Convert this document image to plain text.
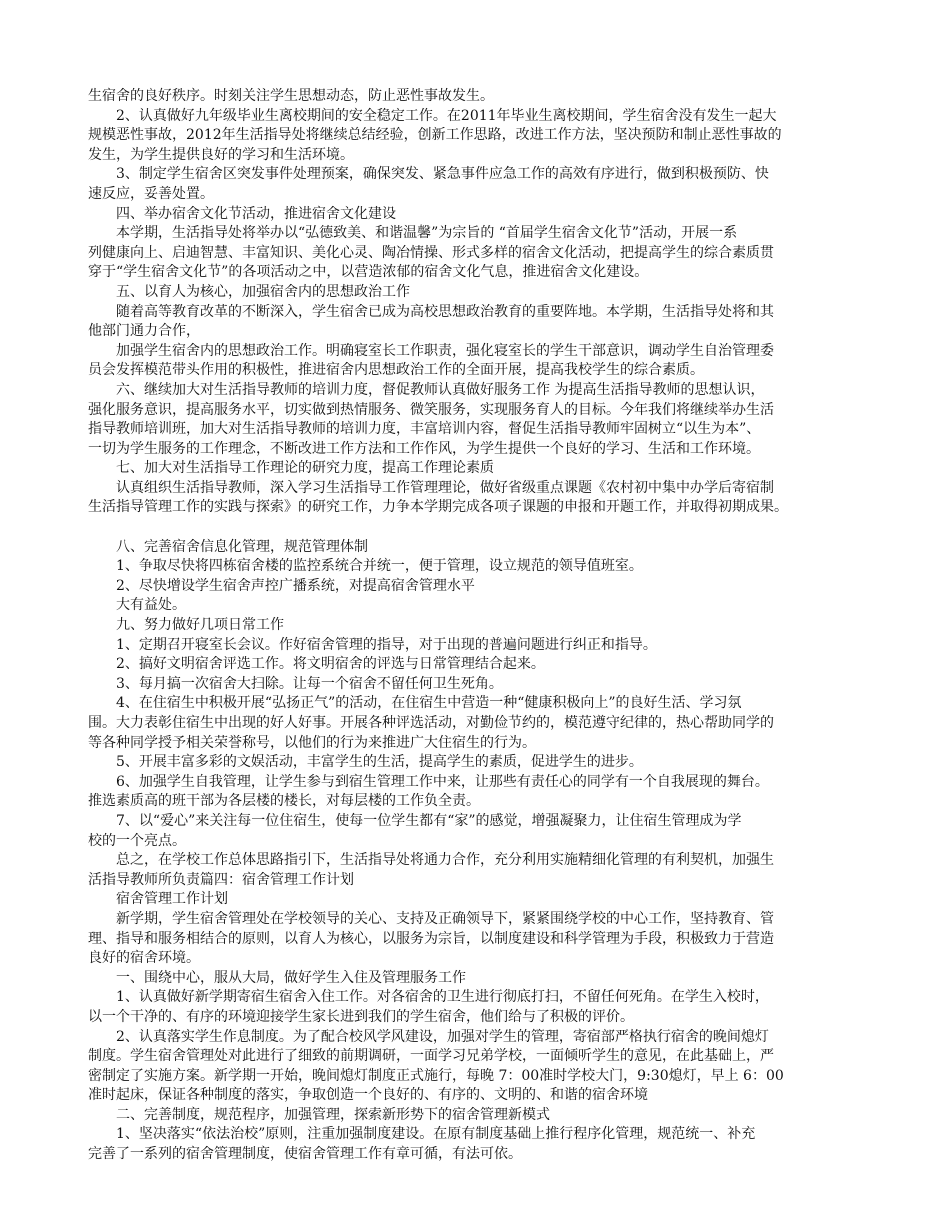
生宿舍的良好秩序。时刻关注学生思想动态，防止恶性事故发生。
2、认真做好九年级毕业生离校期间的安全稳定工作。在2011年毕业生离校期间，学生宿舍没有发生一起大
规模恶性事故，2012年生活指导处将继续总结经验，创新工作思路，改进工作方法，坚决预防和制止恶性事故的
发生，为学生提供良好的学习和生活环境。
3、制定学生宿舍区突发事件处理预案，确保突发、紧急事件应急工作的高效有序进行，做到积极预防、快
速反应，妥善处置。
四、举办宿舍文化节活动，推进宿舍文化建设
本学期，生活指导处将举办以“弘德致美、和谐温馨”为宗旨的 “首届学生宿舍文化节”活动，开展一系
列健康向上、启迪智慧、丰富知识、美化心灵、陶冶情操、形式多样的宿舍文化活动，把提高学生的综合素质贯
穿于“学生宿舍文化节”的各项活动之中，以营造浓郁的宿舍文化气息，推进宿舍文化建设。
五、以育人为核心，加强宿舍内的思想政治工作
随着高等教育改革的不断深入，学生宿舍已成为高校思想政治教育的重要阵地。本学期，生活指导处将和其
他部门通力合作，
加强学生宿舍内的思想政治工作。明确寝室长工作职责，强化寝室长的学生干部意识，调动学生自治管理委
员会发挥模范带头作用的积极性，推进宿舍内思想政治工作的全面开展，提高我校学生的综合素质。
六、继续加大对生活指导教师的培训力度，督促教师认真做好服务工作 为提高生活指导教师的思想认识，
强化服务意识，提高服务水平，切实做到热情服务、微笑服务，实现服务育人的目标。今年我们将继续举办生活
指导教师培训班，加大对生活指导教师的培训力度，丰富培训内容，督促生活指导教师牢固树立“以生为本”、
一切为学生服务的工作理念，不断改进工作方法和工作作风，为学生提供一个良好的学习、生活和工作环境。
七、加大对生活指导工作理论的研究力度，提高工作理论素质
认真组织生活指导教师，深入学习生活指导工作管理理论，做好省级重点课题《农村初中集中办学后寄宿制
生活指导管理工作的实践与探索》的研究工作，力争本学期完成各项子课题的申报和开题工作，并取得初期成果。
八、完善宿舍信息化管理，规范管理体制
1、争取尽快将四栋宿舍楼的监控系统合并统一，便于管理，设立规范的领导值班室。
2、尽快增设学生宿舍声控广播系统，对提高宿舍管理水平
大有益处。
九、努力做好几项日常工作
1、定期召开寝室长会议。作好宿舍管理的指导，对于出现的普遍问题进行纠正和指导。
2、搞好文明宿舍评选工作。将文明宿舍的评选与日常管理结合起来。
3、每月搞一次宿舍大扫除。让每一个宿舍不留任何卫生死角。
4、在住宿生中积极开展“弘扬正气”的活动，在住宿生中营造一种“健康积极向上”的良好生活、学习氛
围。大力表彰住宿生中出现的好人好事。开展各种评选活动，对勤俭节约的，模范遵守纪律的，热心帮助同学的
等各种同学授予相关荣誉称号，以他们的行为来推进广大住宿生的行为。
5、开展丰富多彩的文娱活动，丰富学生的生活，提高学生的素质，促进学生的进步。
6、加强学生自我管理，让学生参与到宿生管理工作中来，让那些有责任心的同学有一个自我展现的舞台。
推选素质高的班干部为各层楼的楼长，对每层楼的工作负全责。
7、以“爱心”来关注每一位住宿生，使每一位学生都有“家”的感觉，增强凝聚力，让住宿生管理成为学
校的一个亮点。
总之，在学校工作总体思路指引下，生活指导处将通力合作，充分利用实施精细化管理的有利契机，加强生
活指导教师所负责篇四：宿舍管理工作计划
宿舍管理工作计划
新学期，学生宿舍管理处在学校领导的关心、支持及正确领导下，紧紧围绕学校的中心工作，坚持教育、管
理、指导和服务相结合的原则，以育人为核心，以服务为宗旨，以制度建设和科学管理为手段，积极致力于营造
良好的宿舍环境。
一、围绕中心，服从大局，做好学生入住及管理服务工作
1、认真做好新学期寄宿生宿舍入住工作。对各宿舍的卫生进行彻底打扫，不留任何死角。在学生入校时，
以一个干净的、有序的环境迎接学生家长进到我们的学生宿舍，他们给与了积极的评价。
2、认真落实学生作息制度。为了配合校风学风建设，加强对学生的管理，寄宿部严格执行宿舍的晚间熄灯
制度。学生宿舍管理处对此进行了细致的前期调研，一面学习兄弟学校，一面倾听学生的意见，在此基础上，严
密制定了实施方案。新学期一开始，晚间熄灯制度正式施行，每晚 7：00准时学校大门，9:30熄灯，早上 6：00
准时起床，保证各种制度的落实，争取创造一个良好的、有序的、文明的、和谐的宿舍环境
二、完善制度，规范程序，加强管理，探索新形势下的宿舍管理新模式
1、坚决落实“依法治校”原则，注重加强制度建设。在原有制度基础上推行程序化管理，规范统一、补充
完善了一系列的宿舍管理制度，使宿舍管理工作有章可循，有法可依。
